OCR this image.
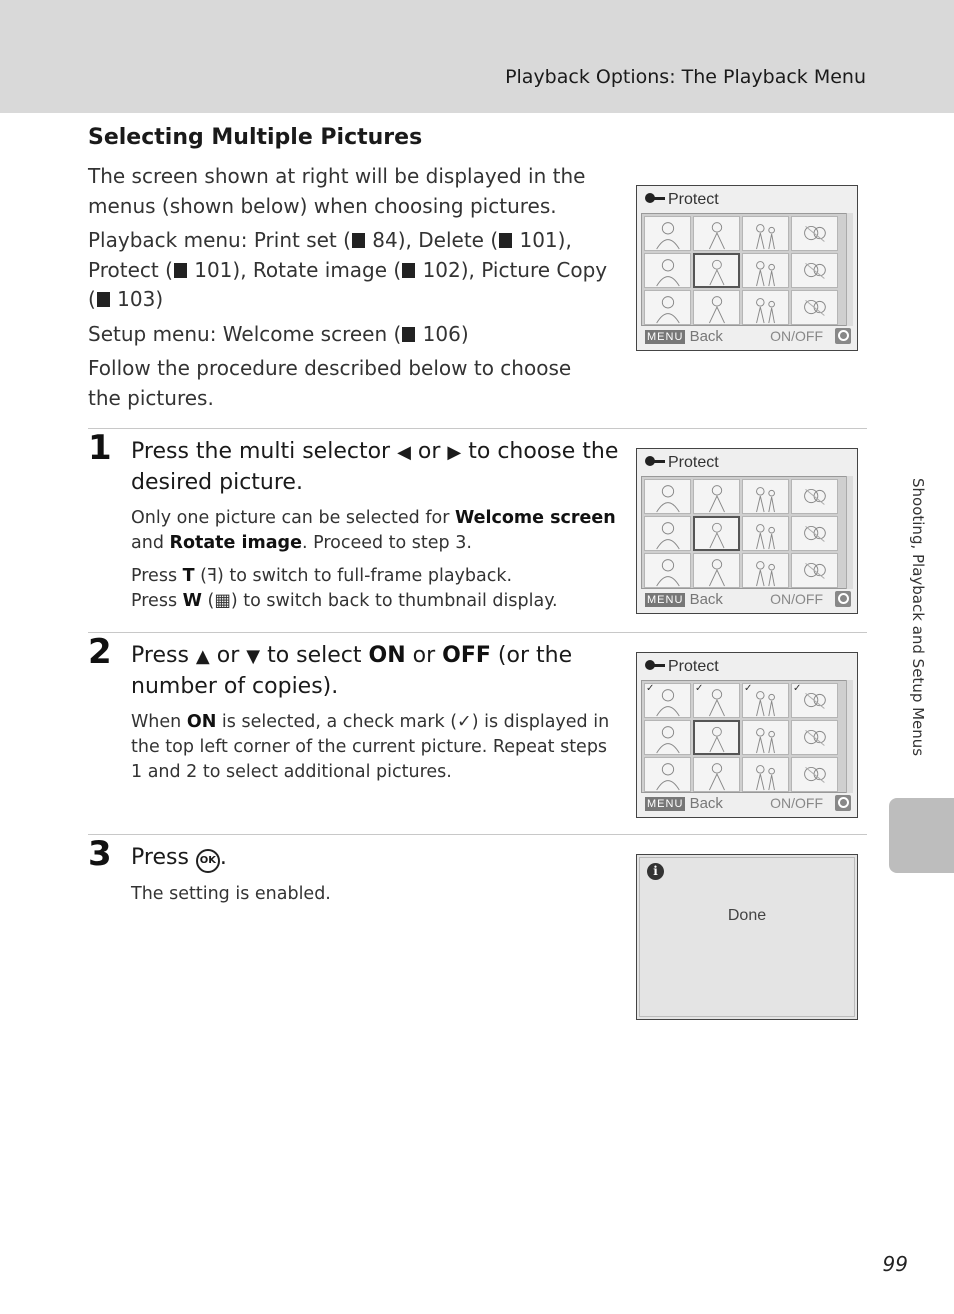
Playback Options: The Playback Menu
Shooting, Playback and Setup Menus
Selecting Multiple Pictures

The screen shown at right will be displayed in the menus (shown below) when choosing pictures.

Playback menu: Print set ( 84), Delete ( 101), Protect ( 101), Rotate image ( 102), Picture Copy ( 103)

Setup menu: Welcome screen ( 106)

Follow the procedure described below to choose the pictures.

1 Press the multi selector ◀ or ▶ to choose the desired picture.

Only one picture can be selected for Welcome screen and Rotate image. Proceed to step 3.

Press T (ꟻ) to switch to full-frame playback.
Press W (▦) to switch back to thumbnail display.

2 Press ▲ or ▼ to select ON or OFF (or the number of copies).

When ON is selected, a check mark (✓) is displayed in the top left corner of the current picture. Repeat steps 1 and 2 to select additional pictures.

3 Press OK .

The setting is enabled.

Protect
MENU Back	ON/OFF
Protect
MENU Back	ON/OFF
Protect
✓	✓	✓	✓
MENU Back	ON/OFF
i
Done
99
